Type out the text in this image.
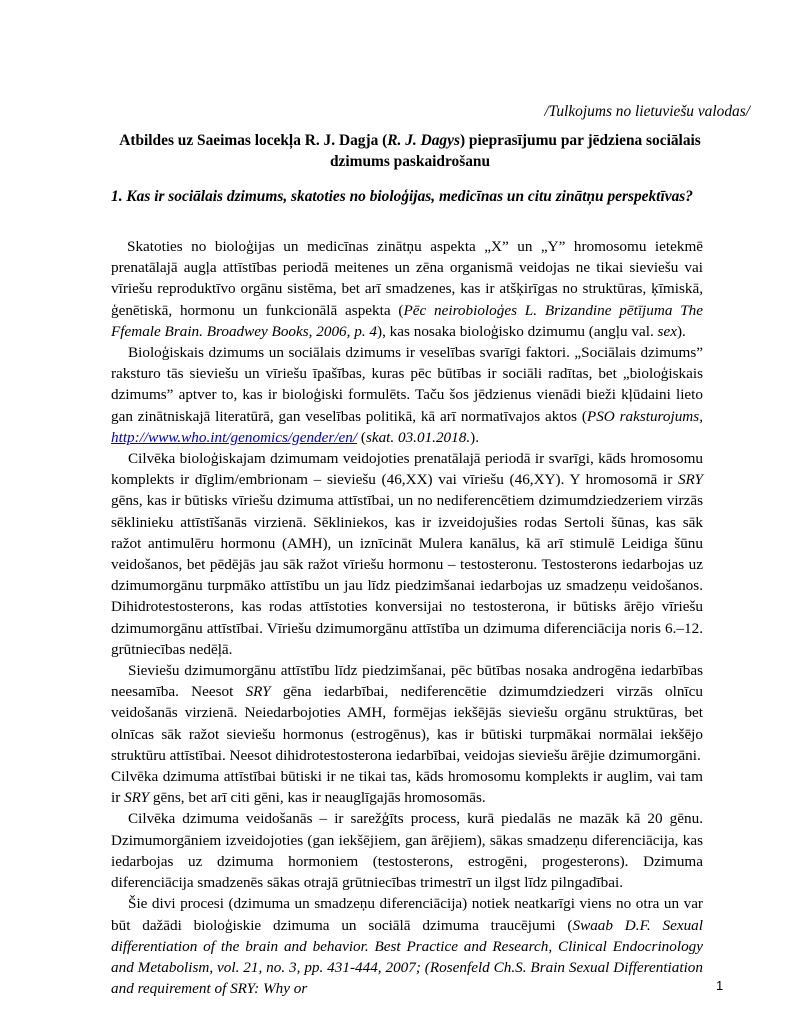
/Tulkojums no lietuviešu valodas/
Atbildes uz Saeimas locekļa R. J. Dagja (R. J. Dagys) pieprasījumu par jēdziena sociālais
dzimums paskaidrošanu
1. Kas ir sociālais dzimums, skatoties no bioloģijas, medicīnas un citu zinātņu perspektīvas?

Skatoties no bioloģijas un medicīnas zinātņu aspekta „X” un „Y” hromosomu ietekmē prenatālajā augļa attīstības periodā meitenes un zēna organismā veidojas ne tikai sieviešu vai vīriešu reproduktīvo orgānu sistēma, bet arī smadzenes, kas ir atšķirīgas no struktūras, ķīmiskā, ģenētiskā, hormonu un funkcionālā aspekta (Pēc neirobioloģes L. Brizandine pētījuma The Ffemale Brain. Broadwey Books, 2006, p. 4), kas nosaka bioloģisko dzimumu (angļu val. sex).

Bioloģiskais dzimums un sociālais dzimums ir veselības svarīgi faktori. „Sociālais dzimums” raksturo tās sieviešu un vīriešu īpašības, kuras pēc būtības ir sociāli radītas, bet „bioloģiskais dzimums” aptver to, kas ir bioloģiski formulēts. Taču šos jēdzienus vienādi bieži kļūdaini lieto gan zinātniskajā literatūrā, gan veselības politikā, kā arī normatīvajos aktos (PSO raksturojums, http://www.who.int/genomics/gender/en/ (skat. 03.01.2018.).

Cilvēka bioloģiskajam dzimumam veidojoties prenatālajā periodā ir svarīgi, kāds hromosomu komplekts ir dīglim/embrionam – sieviešu (46,XX) vai vīriešu (46,XY). Y hromosomā ir SRY gēns, kas ir būtisks vīriešu dzimuma attīstībai, un no nediferencētiem dzimumdziedzeriem virzās sēklinieku attīstīšanās virzienā. Sēkliniekos, kas ir izveidojušies rodas Sertoli šūnas, kas sāk ražot antimulēru hormonu (AMH), un iznīcināt Mulera kanālus, kā arī stimulē Leidiga šūnu veidošanos, bet pēdējās jau sāk ražot vīriešu hormonu – testosteronu. Testosterons iedarbojas uz dzimumorgānu turpmāko attīstību un jau līdz piedzimšanai iedarbojas uz smadzeņu veidošanos. Dihidrotestosterons, kas rodas attīstoties konversijai no testosterona, ir būtisks ārējo vīriešu dzimumorgānu attīstībai. Vīriešu dzimumorgānu attīstība un dzimuma diferenciācija noris 6.–12. grūtniecības nedēļā.

Sieviešu dzimumorgānu attīstību līdz piedzimšanai, pēc būtības nosaka androgēna iedarbības neesamība. Neesot SRY gēna iedarbībai, nediferencētie dzimumdziedzeri virzās olnīcu veidošanās virzienā. Neiedarbojoties AMH, formējas iekšējās sieviešu orgānu struktūras, bet olnīcas sāk ražot sieviešu hormonus (estrogēnus), kas ir būtiski turpmākai normālai iekšējo struktūru attīstībai. Neesot dihidrotestosterona iedarbībai, veidojas sieviešu ārējie dzimumorgāni.

Cilvēka dzimuma attīstībai būtiski ir ne tikai tas, kāds hromosomu komplekts ir auglim, vai tam ir SRY gēns, bet arī citi gēni, kas ir neauglīgajās hromosomās.

Cilvēka dzimuma veidošanās – ir sarežģīts process, kurā piedalās ne mazāk kā 20 gēnu. Dzimumorgāniem izveidojoties (gan iekšējiem, gan ārējiem), sākas smadzeņu diferenciācija, kas iedarbojas uz dzimuma hormoniem (testosterons, estrogēni, progesterons). Dzimuma diferenciācija smadzenēs sākas otrajā grūtniecības trimestrī un ilgst līdz pilngadībai.

Šie divi procesi (dzimuma un smadzeņu diferenciācija) notiek neatkarīgi viens no otra un var būt dažādi bioloģiskie dzimuma un sociālā dzimuma traucējumi (Swaab D.F. Sexual differentiation of the brain and behavior. Best Practice and Research, Clinical Endocrinology and Metabolism, vol. 21, no. 3, pp. 431-444, 2007; (Rosenfeld Ch.S. Brain Sexual Differentiation and requirement of SRY: Why or	1
